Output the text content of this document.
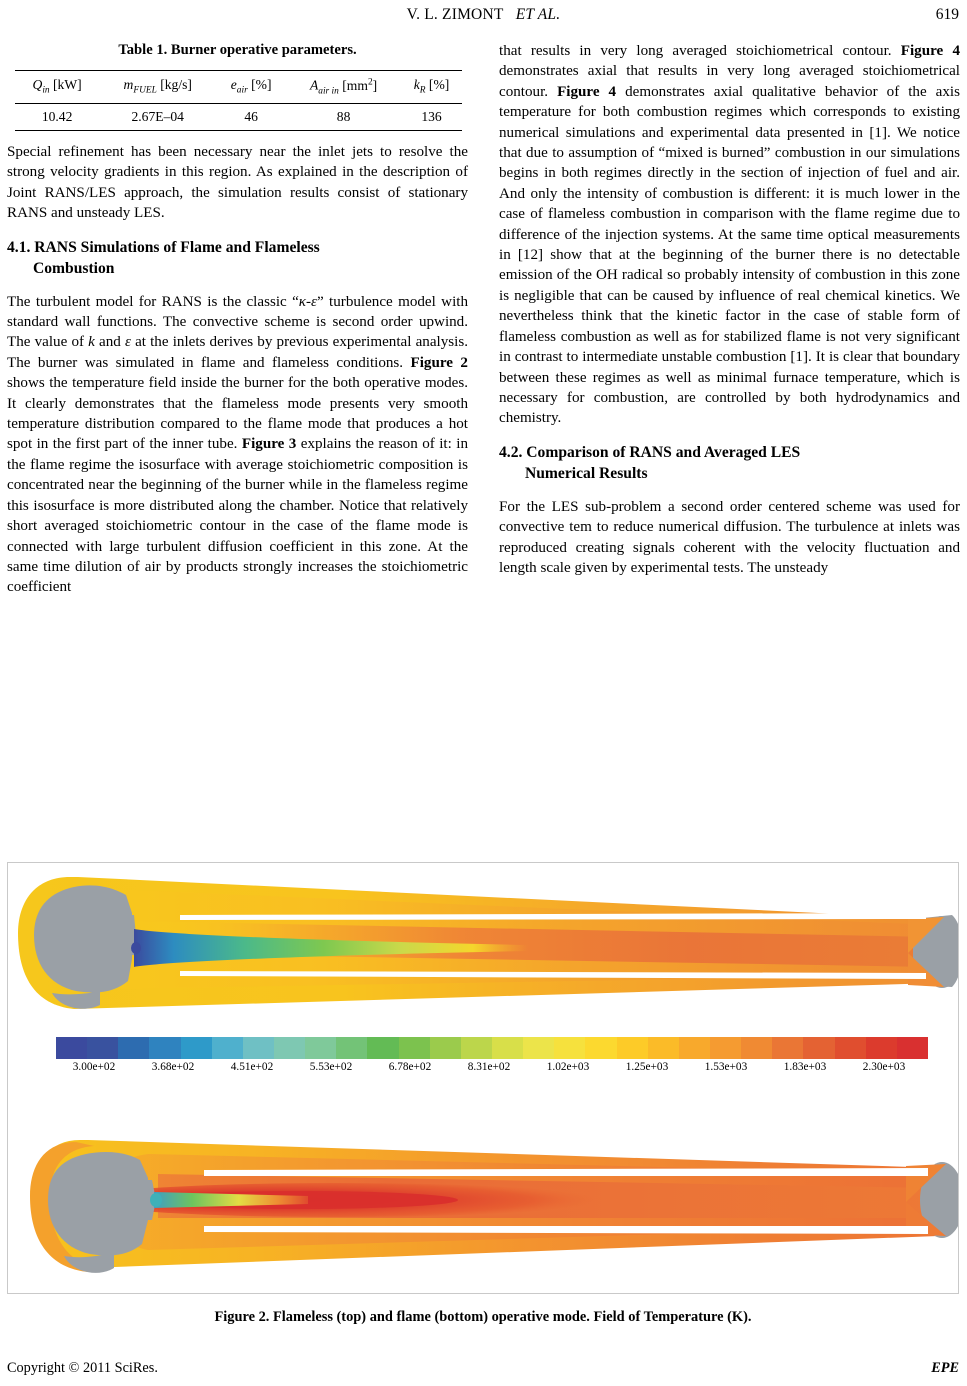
V. L. ZIMONT ET AL.	619
Table 1. Burner operative parameters.
$Q_{in}$ [kW]	$m_{FUEL}$ [kg/s]	$e_{air}$ [%]	$A_{air in}$ $[mm^2]$	$k_R$ [%]
10.42	2.67E–04	46	88	136

Special refinement has been necessary near the inlet jets to resolve the strong velocity gradients in this region. As explained in the description of Joint RANS/LES approach, the simulation results consist of stationary RANS and unsteady LES.

4.1. RANS Simulations of Flame and Flameless
Combustion

The turbulent model for RANS is the classic “κ-ε” turbulence model with standard wall functions. The convective scheme is second order upwind. The value of k and ε at the inlets derives by previous experimental analysis. The burner was simulated in flame and flameless conditions. Figure 2 shows the temperature field inside the burner for the both operative modes. It clearly demonstrates that the flameless mode presents very smooth temperature distribution compared to the flame mode that produces a hot spot in the first part of the inner tube. Figure 3 explains the reason of it: in the flame regime the isosurface with average stoichiometric composition is concentrated near the beginning of the burner while in the flameless regime this isosurface is more distributed along the chamber. Notice that relatively short averaged stoichiometric contour in the case of the flame mode is connected with large turbulent diffusion coefficient in this zone. At the same time dilution of air by products strongly increases the stoichiometric coefficient

that results in very long averaged stoichiometrical contour. Figure 4 demonstrates axial that results in very long averaged stoichiometrical contour. Figure 4 demonstrates axial qualitative behavior of the axis temperature for both combustion regimes which corresponds to existing numerical simulations and experimental data presented in [1]. We notice that due to assumption of “mixed is burned” combustion in our simulations begins in both regimes directly in the section of injection of fuel and air. And only the intensity of combustion is different: it is much lower in the case of flameless combustion in comparison with the flame regime due to difference of the injection systems. At the same time optical measurements in [12] show that at the beginning of the burner there is no detectable emission of the OH radical so probably intensity of combustion in this zone is negligible that can be caused by influence of real chemical kinetics. We nevertheless think that the kinetic factor in the case of stable form of flameless combustion as well as for stabilized flame is not very significant in contrast to intermediate unstable combustion [1]. It is clear that boundary between these regimes as well as minimal furnace temperature, which is necessary for combustion, are controlled by both hydrodynamics and chemistry.

4.2. Comparison of RANS and Averaged LES
Numerical Results

For the LES sub-problem a second order centered scheme was used for convective tem to reduce numerical diffusion. The turbulence at inlets was reproduced creating signals coherent with the velocity fluctuation and length scale given by experimental tests. The unsteady

3.00e+02	3.68e+02	4.51e+02	5.53e+02	6.78e+02	8.31e+02	1.02e+03	1.25e+03	1.53e+03	1.83e+03	2.30e+03
Figure 2. Flameless (top) and flame (bottom) operative mode. Field of Temperature (K).
Copyright © 2011 SciRes.	EPE
